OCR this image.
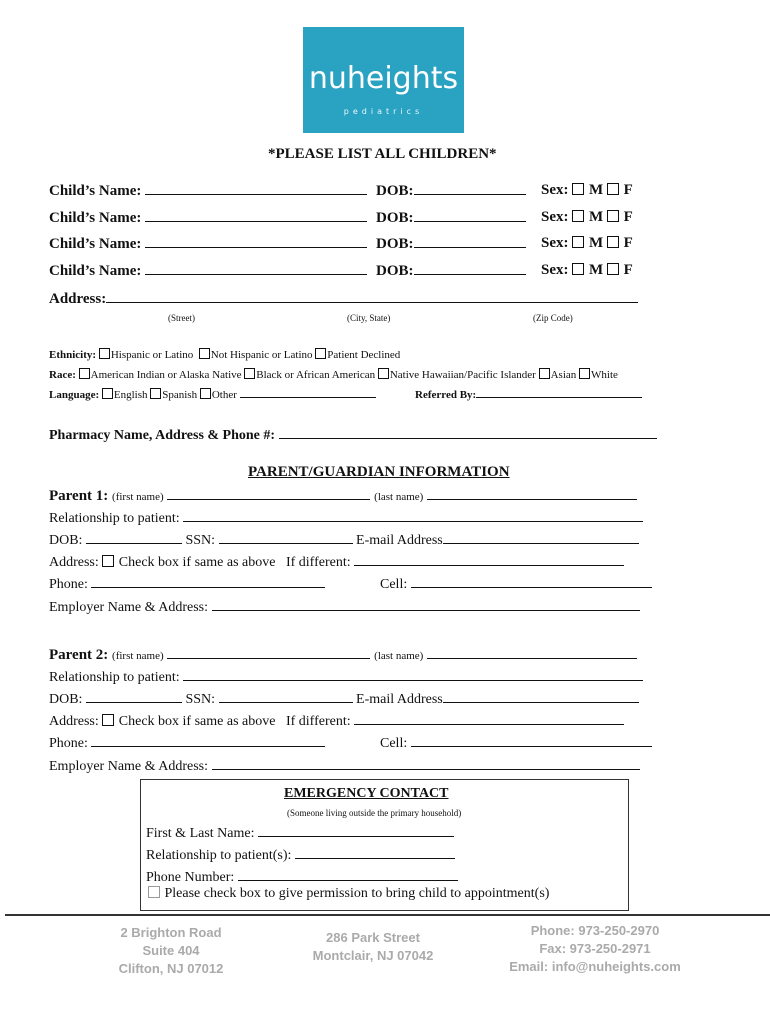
nuheights
pediatrics
*PLEASE LIST ALL CHILDREN*
Child’s Name:	DOB:	Sex: M F
Child’s Name:	DOB:	Sex: M F
Child’s Name:	DOB:	Sex: M F
Child’s Name:	DOB:	Sex: M F
Address:
(Street)	(City, State)	(Zip Code)
Ethnicity: Hispanic or Latino Not Hispanic or Latino Patient Declined
Race: American Indian or Alaska Native Black or African American Native Hawaiian/Pacific Islander Asian White
Language: English Spanish Other	Referred By:
Pharmacy Name, Address & Phone #:
PARENT/GUARDIAN INFORMATION
Parent 1: (first name)	(last name)
Relationship to patient:
DOB:	SSN:	E-mail Address
Address: Check box if same as above If different:
Phone:	Cell:
Employer Name & Address:
Parent 2: (first name)	(last name)
Relationship to patient:
DOB:	SSN:	E-mail Address
Address: Check box if same as above If different:
Phone:	Cell:
Employer Name & Address:
EMERGENCY CONTACT
(Someone living outside the primary household)
First & Last Name:
Relationship to patient(s):
Phone Number:
Please check box to give permission to bring child to appointment(s)
2 Brighton Road
Suite 404
Clifton, NJ 07012
286 Park Street
Montclair, NJ 07042
Phone: 973-250-2970
Fax: 973-250-2971
Email: info@nuheights.com
